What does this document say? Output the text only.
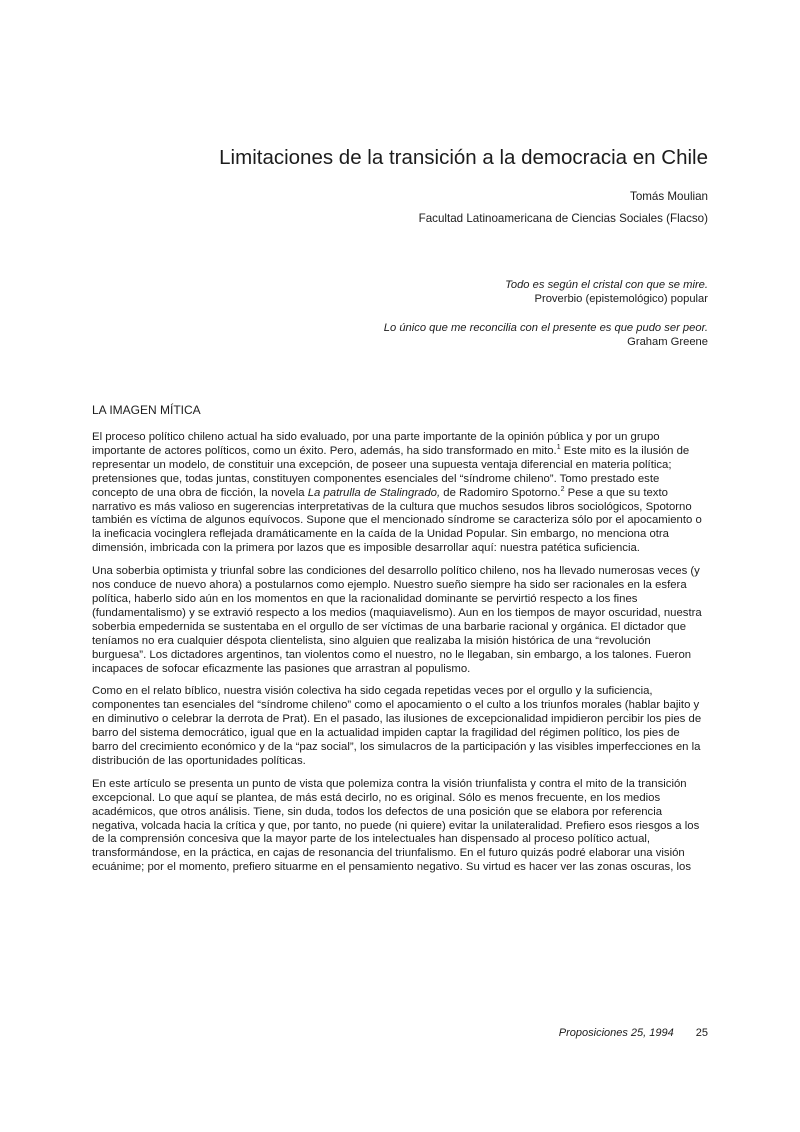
Limitaciones de la transición a la democracia en Chile
Tomás Moulian
Facultad Latinoamericana de Ciencias Sociales (Flacso)
Todo es según el cristal con que se mire.
Proverbio (epistemológico) popular
Lo único que me reconcilia con el presente es que pudo ser peor.
Graham Greene
LA IMAGEN MÍTICA

El proceso político chileno actual ha sido evaluado, por una parte importante de la opinión pública y por un grupo importante de actores políticos, como un éxito. Pero, además, ha sido transformado en mito.$^1$ Este mito es la ilusión de representar un modelo, de constituir una excepción, de poseer una supuesta ventaja diferencial en materia política; pretensiones que, todas juntas, constituyen componentes esenciales del “síndrome chileno”. Tomo prestado este concepto de una obra de ficción, la novela La patrulla de Stalingrado, de Radomiro Spotorno.$^2$ Pese a que su texto narrativo es más valioso en sugerencias interpretativas de la cultura que muchos sesudos libros sociológicos, Spotorno también es víctima de algunos equívocos. Supone que el mencionado síndrome se caracteriza sólo por el apocamiento o la ineficacia vocinglera reflejada dramáticamente en la caída de la Unidad Popular. Sin embargo, no menciona otra dimensión, imbricada con la primera por lazos que es imposible desarrollar aquí: nuestra patética suficiencia.

Una soberbia optimista y triunfal sobre las condiciones del desarrollo político chileno, nos ha llevado numerosas veces (y nos conduce de nuevo ahora) a postularnos como ejemplo. Nuestro sueño siempre ha sido ser racionales en la esfera política, haberlo sido aún en los momentos en que la racionalidad dominante se pervirtió respecto a los fines (fundamentalismo) y se extravió respecto a los medios (maquiavelismo). Aun en los tiempos de mayor oscuridad, nuestra soberbia empedernida se sustentaba en el orgullo de ser víctimas de una barbarie racional y orgánica. El dictador que teníamos no era cualquier déspota clientelista, sino alguien que realizaba la misión histórica de una “revolución burguesa”. Los dictadores argentinos, tan violentos como el nuestro, no le llegaban, sin embargo, a los talones. Fueron incapaces de sofocar eficazmente las pasiones que arrastran al populismo.

Como en el relato bíblico, nuestra visión colectiva ha sido cegada repetidas veces por el orgullo y la suficiencia, componentes tan esenciales del “síndrome chileno” como el apocamiento o el culto a los triunfos morales (hablar bajito y en diminutivo o celebrar la derrota de Prat). En el pasado, las ilusiones de excepcionalidad impidieron percibir los pies de barro del sistema democrático, igual que en la actualidad impiden captar la fragilidad del régimen político, los pies de barro del crecimiento económico y de la “paz social”, los simulacros de la participación y las visibles imperfecciones en la distribución de las oportunidades políticas.

En este artículo se presenta un punto de vista que polemiza contra la visión triunfalista y contra el mito de la transición excepcional. Lo que aquí se plantea, de más está decirlo, no es original. Sólo es menos frecuente, en los medios académicos, que otros análisis. Tiene, sin duda, todos los defectos de una posición que se elabora por referencia negativa, volcada hacia la crítica y que, por tanto, no puede (ni quiere) evitar la unilateralidad. Prefiero esos riesgos a los de la comprensión concesiva que la mayor parte de los intelectuales han dispensado al proceso político actual, transformándose, en la práctica, en cajas de resonancia del triunfalismo. En el futuro quizás podré elaborar una visión ecuánime; por el momento, prefiero situarme en el pensamiento negativo. Su virtud es hacer ver las zonas oscuras, los

Proposiciones 25, 1994 25
